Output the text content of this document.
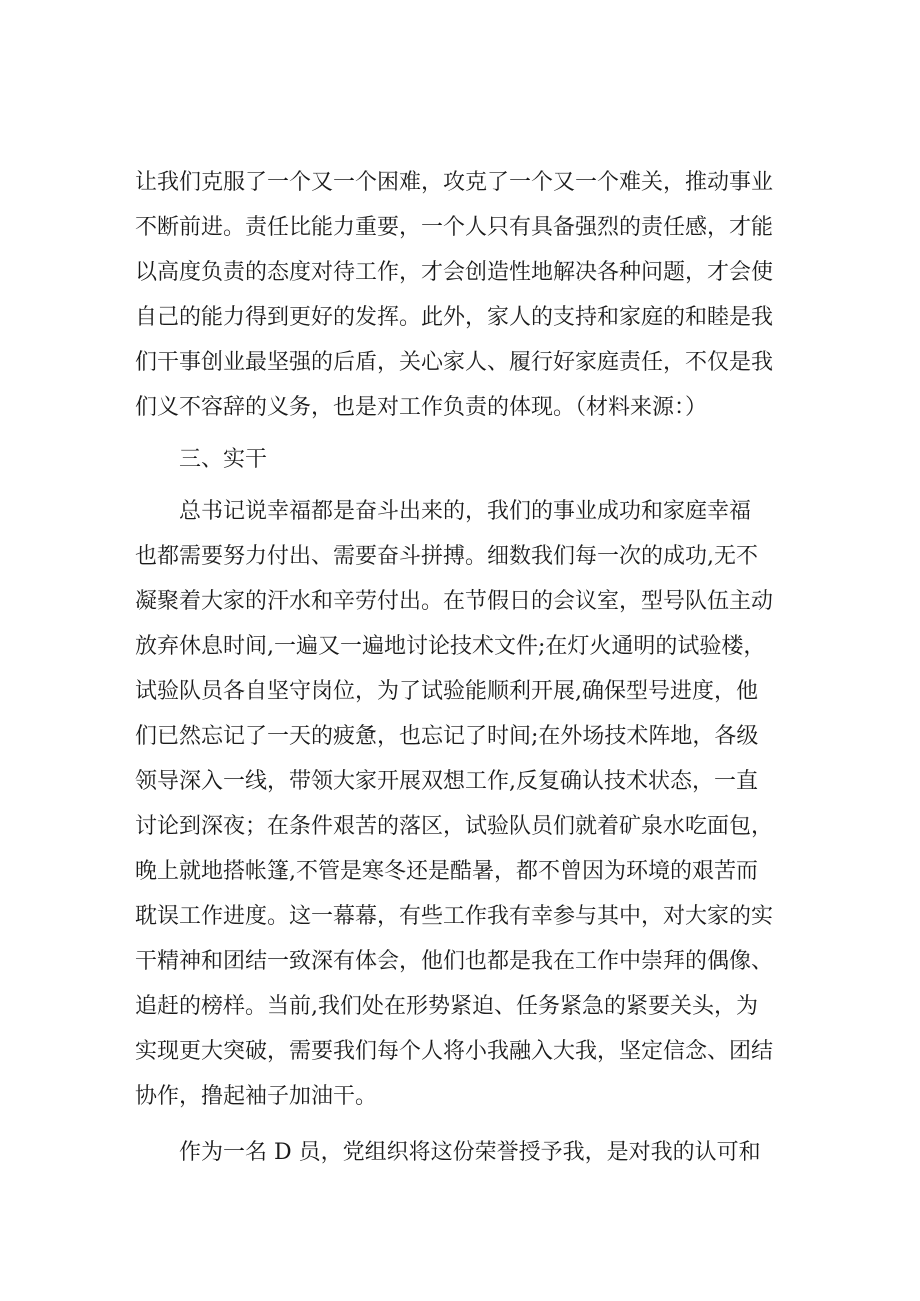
让我们克服了一个又一个困难，攻克了一个又一个难关，推动事业
不断前进。责任比能力重要，一个人只有具备强烈的责任感，才能
以高度负责的态度对待工作，才会创造性地解决各种问题，才会使
自己的能力得到更好的发挥。此外，家人的支持和家庭的和睦是我
们干事创业最坚强的后盾，关心家人、履行好家庭责任，不仅是我
们义不容辞的义务，也是对工作负责的体现。（材料来源：）

三、实干

总书记说幸福都是奋斗出来的，我们的事业成功和家庭幸福
也都需要努力付出、需要奋斗拼搏。细数我们每一次的成功,无不
凝聚着大家的汗水和辛劳付出。在节假日的会议室，型号队伍主动
放弃休息时间,一遍又一遍地讨论技术文件;在灯火通明的试验楼，
试验队员各自坚守岗位，为了试验能顺利开展,确保型号进度，他
们已然忘记了一天的疲惫，也忘记了时间;在外场技术阵地，各级
领导深入一线，带领大家开展双想工作,反复确认技术状态，一直
讨论到深夜；在条件艰苦的落区，试验队员们就着矿泉水吃面包，
晚上就地搭帐篷,不管是寒冬还是酷暑，都不曾因为环境的艰苦而
耽误工作进度。这一幕幕，有些工作我有幸参与其中，对大家的实
干精神和团结一致深有体会，他们也都是我在工作中崇拜的偶像、
追赶的榜样。当前,我们处在形势紧迫、任务紧急的紧要关头，为
实现更大突破，需要我们每个人将小我融入大我，坚定信念、团结
协作，撸起袖子加油干。

作为一名 D 员，党组织将这份荣誉授予我，是对我的认可和
